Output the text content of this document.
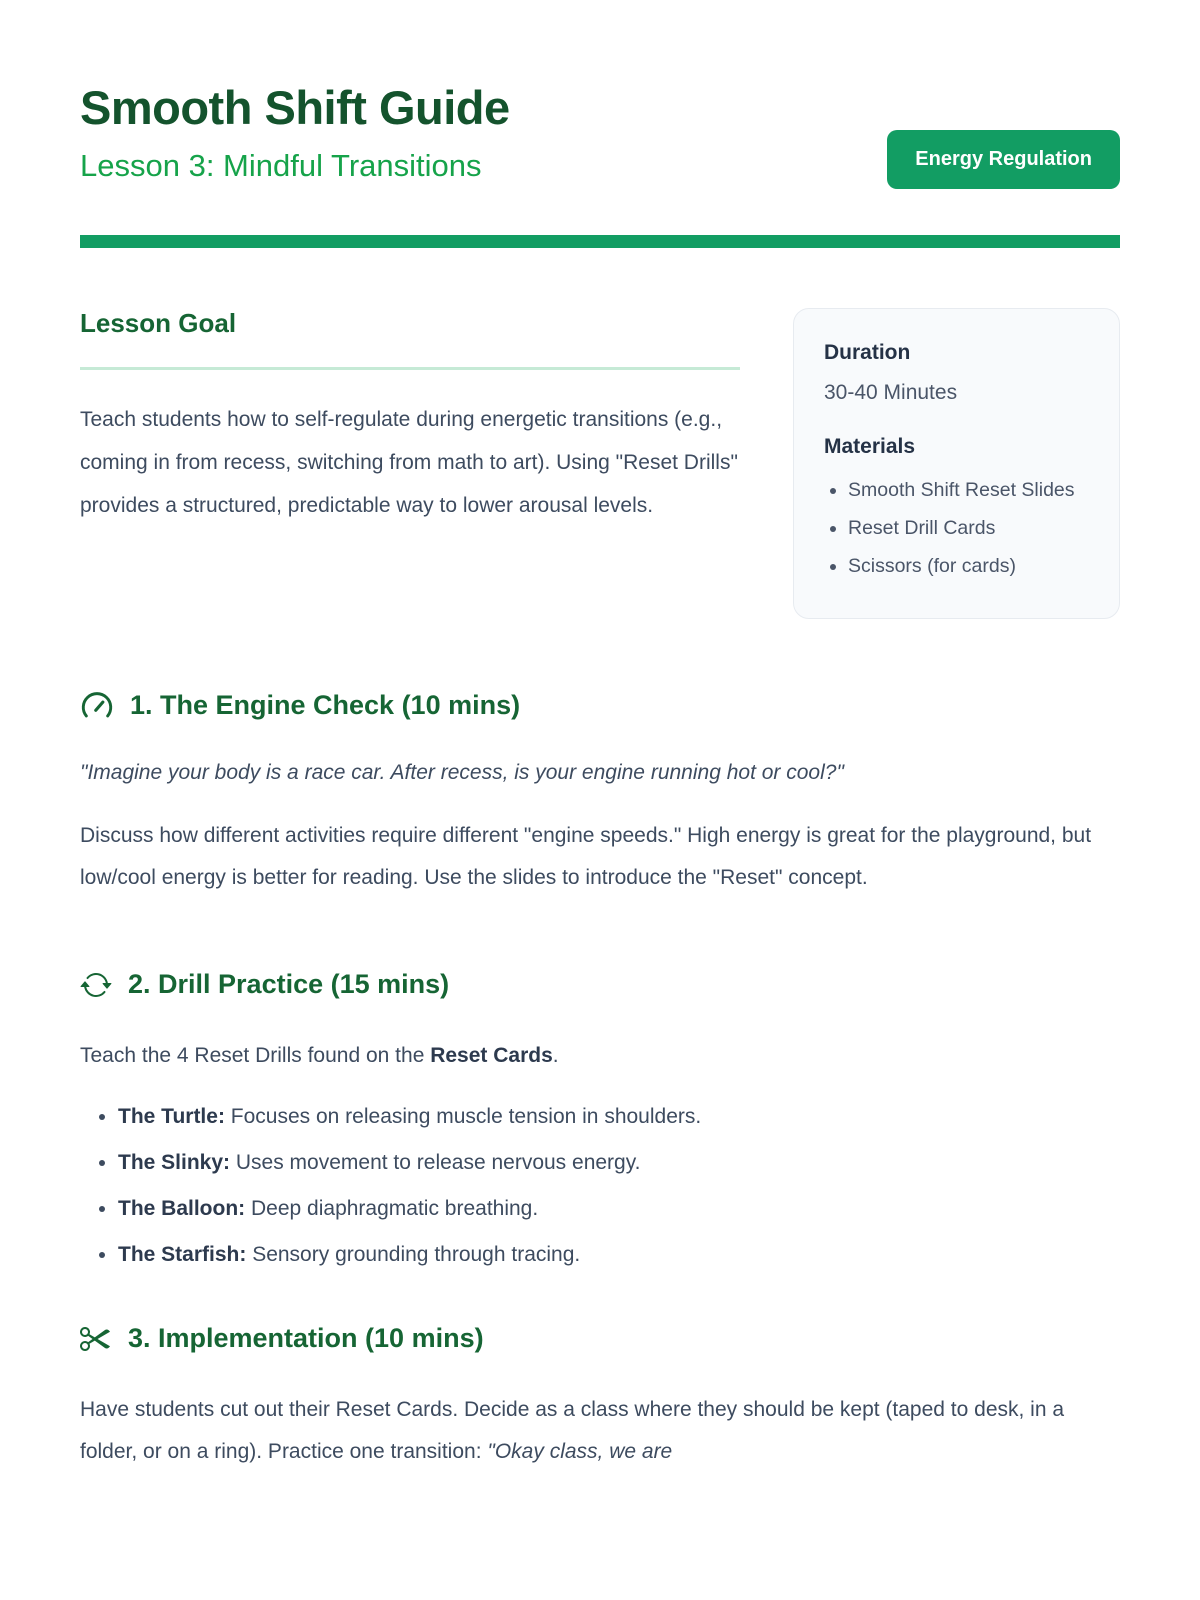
Smooth Shift Guide
Lesson 3: Mindful Transitions	Energy Regulation
Lesson Goal

Teach students how to self-regulate during energetic transitions (e.g., coming in from recess, switching from math to art). Using "Reset Drills" provides a structured, predictable way to lower arousal levels.

Duration
30-40 Minutes
Materials
• Smooth Shift Reset Slides
• Reset Drill Cards
• Scissors (for cards)
1. The Engine Check (10 mins)

"Imagine your body is a race car. After recess, is your engine running hot or cool?"

Discuss how different activities require different "engine speeds." High energy is great for the playground, but low/cool energy is better for reading. Use the slides to introduce the "Reset" concept.

2. Drill Practice (15 mins)

Teach the 4 Reset Drills found on the Reset Cards.

• The Turtle: Focuses on releasing muscle tension in shoulders.
• The Slinky: Uses movement to release nervous energy.
• The Balloon: Deep diaphragmatic breathing.
• The Starfish: Sensory grounding through tracing.
3. Implementation (10 mins)

Have students cut out their Reset Cards. Decide as a class where they should be kept (taped to desk, in a folder, or on a ring). Practice one transition: "Okay class, we are
